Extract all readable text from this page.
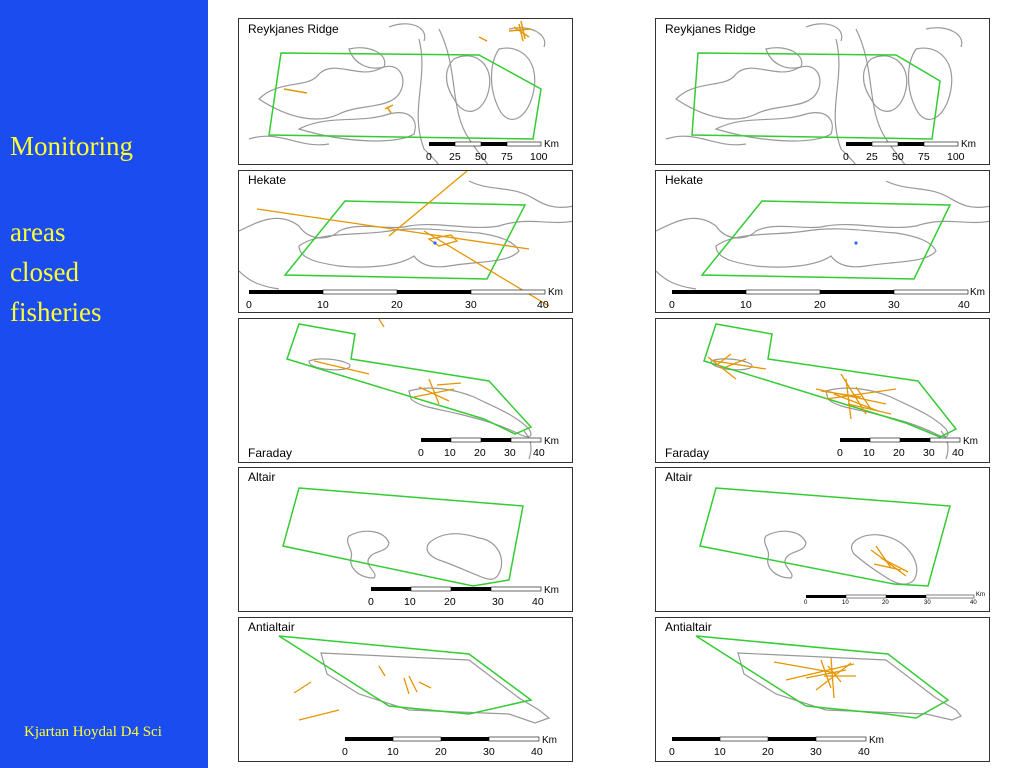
Monitoring
areas
closed
fisheries
Kjartan Hoydal D4 Sci
Reykjanes Ridge
Km
0 25 50 75 100
Reykjanes Ridge
Km
0 25 50 75 100
Hekate
Km
0	10	20	30	40
Hekate
Km
0	10	20	30	40
Faraday
Km
0 10 20 30 40	Faraday
Km
0 10 20 30 40
Altair
Km
0	10	20	30	40
Altair
Km
0	10	20	30	40
Antialtair
Km
0	10	20	30	40
Antialtair
Km
0	10	20	30	40
